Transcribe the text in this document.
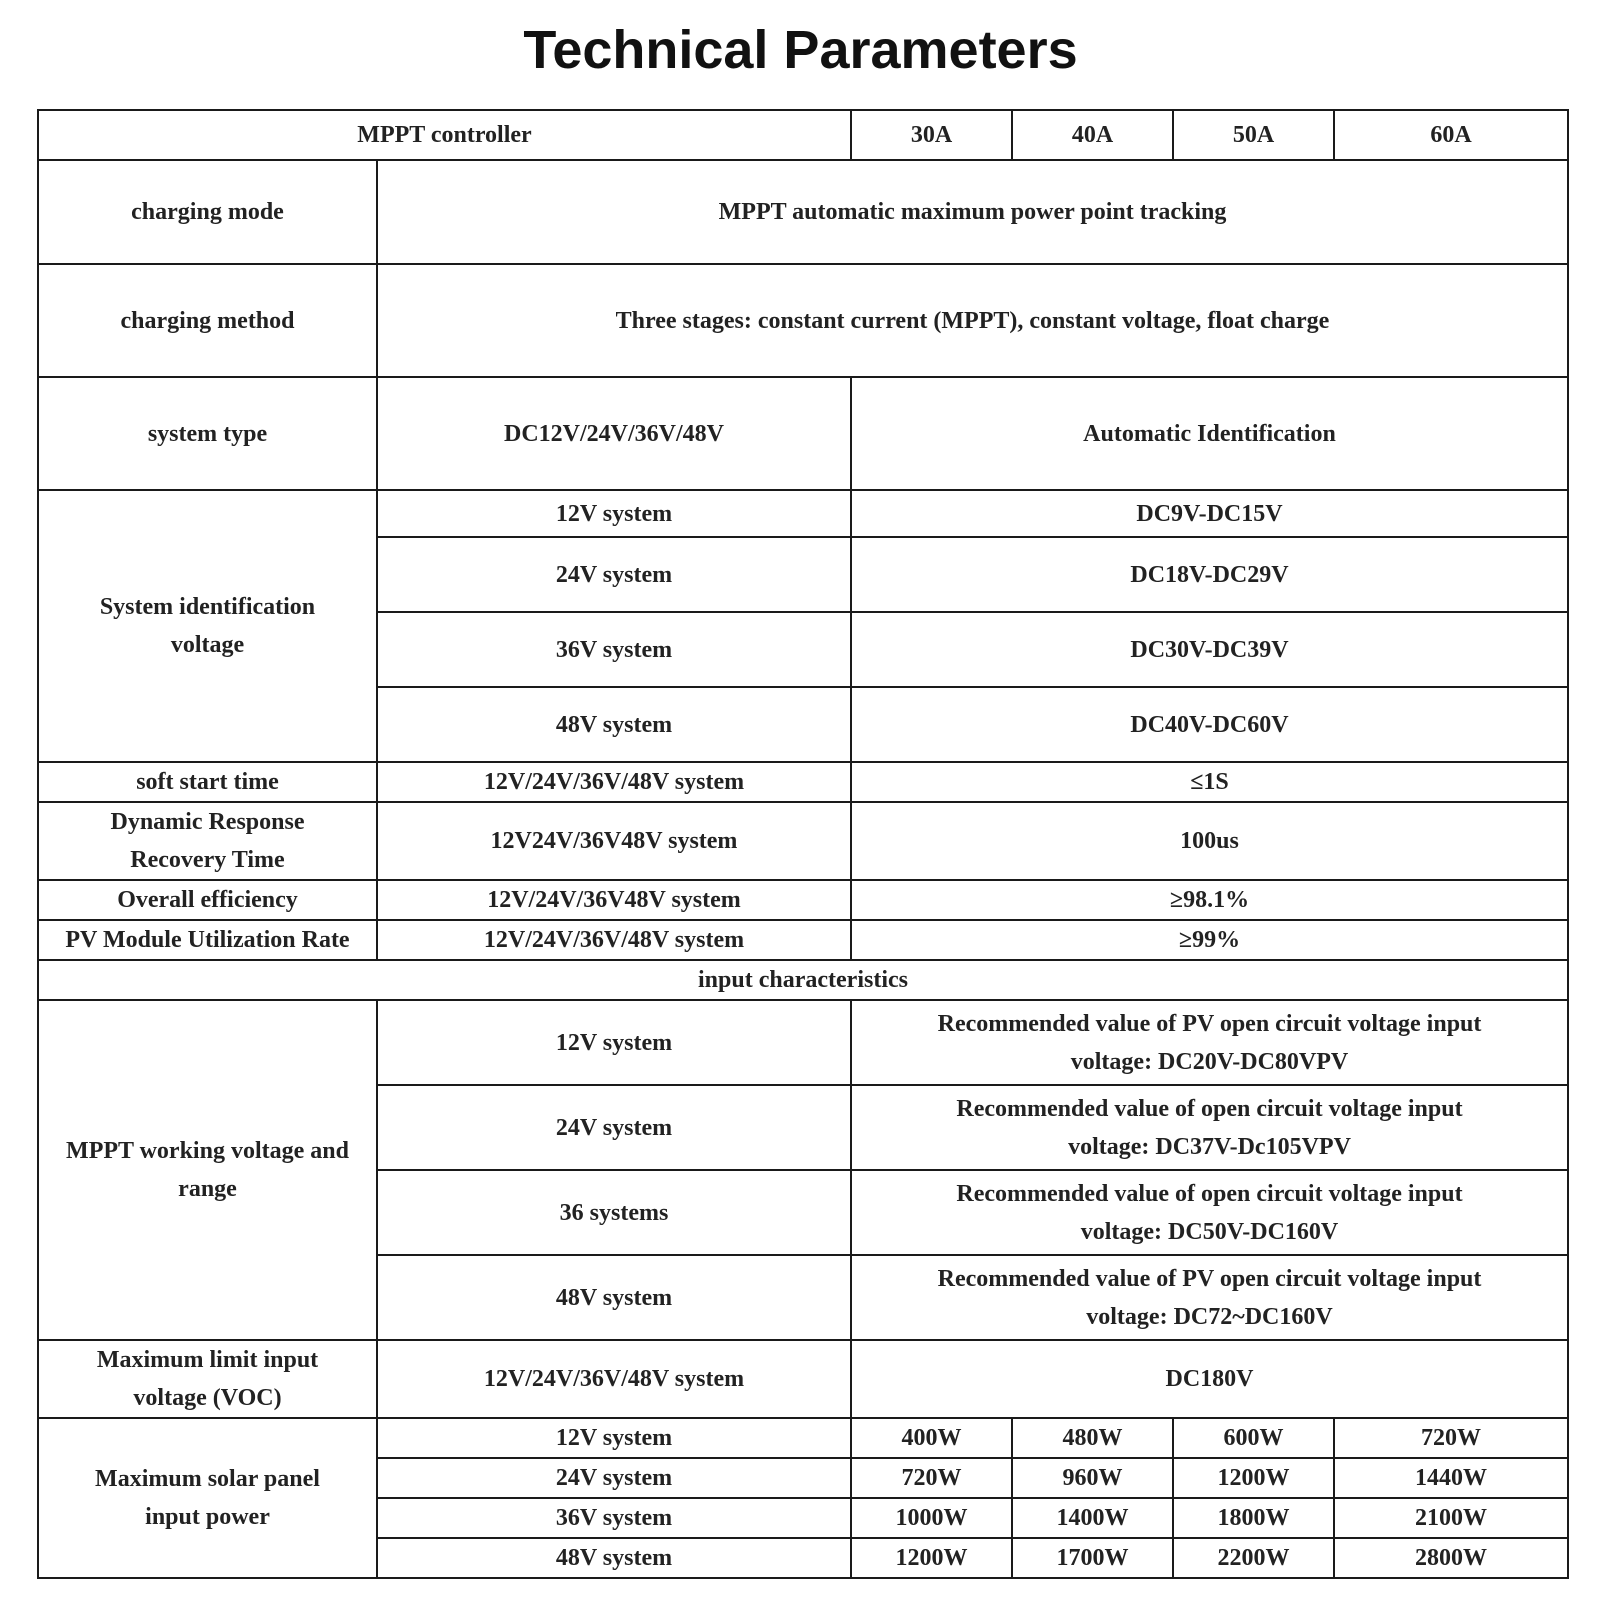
Technical Parameters
MPPT controller		30A	40A	50A	60A
charging mode	MPPT automatic maximum power point tracking				
charging method	Three stages: constant current (MPPT), constant voltage, float charge				
system type	DC12V/24V/36V/48V	Automatic Identification			
System identification
voltage	12V system	DC9V-DC15V			
	24V system	DC18V-DC29V			
	36V system	DC30V-DC39V			
	48V system	DC40V-DC60V			
soft start time	12V/24V/36V/48V system	≤1S			
Dynamic Response
Recovery Time	12V24V/36V48V system	100us			
Overall efficiency	12V/24V/36V48V system	≥98.1%			
PV Module Utilization Rate	12V/24V/36V/48V system	≥99%			
input characteristics					
MPPT working voltage and
range	12V system	Recommended value of PV open circuit voltage input
voltage: DC20V-DC80VPV			
	24V system	Recommended value of open circuit voltage input
voltage: DC37V-Dc105VPV			
	36 systems	Recommended value of open circuit voltage input
voltage: DC50V-DC160V			
	48V system	Recommended value of PV open circuit voltage input
voltage: DC72~DC160V			
Maximum limit input
voltage (VOC)	12V/24V/36V/48V system	DC180V			
Maximum solar panel
input power	12V system	400W	480W	600W	720W
	24V system	720W	960W	1200W	1440W
	36V system	1000W	1400W	1800W	2100W
	48V system	1200W	1700W	2200W	2800W
